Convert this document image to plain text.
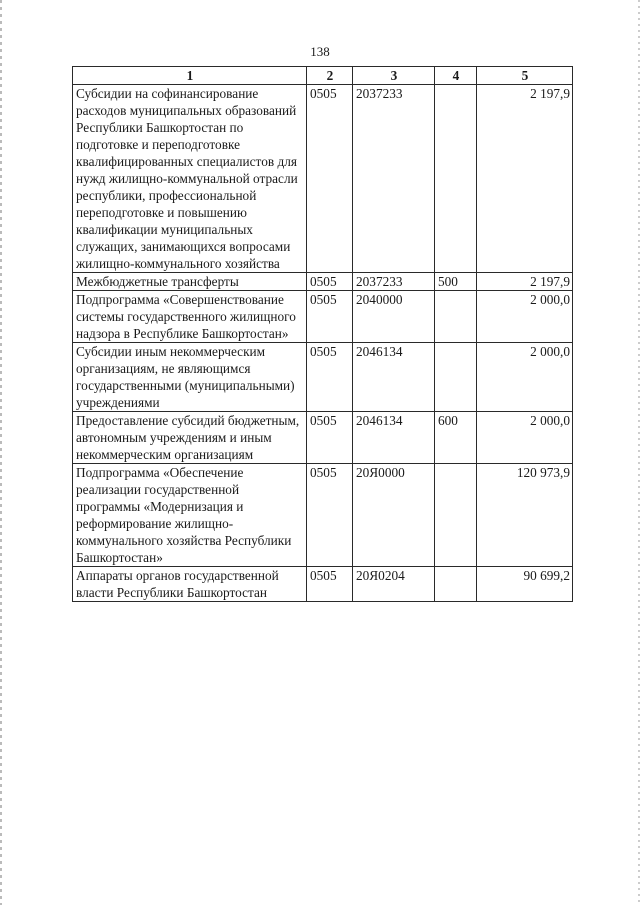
138
1	2	3	4	5
Субсидии на софинансирование расходов муниципальных образований Республики Башкортостан по подготовке и переподготовке квалифицированных специалистов для нужд жилищно-коммунальной отрасли республики, профессиональной переподготовке и повышению квалификации муниципальных служащих, занимающихся вопросами жилищно-коммунального хозяйства	0505	2037233		2 197,9
Межбюджетные трансферты	0505	2037233	500	2 197,9
Подпрограмма «Совершенствование системы государственного жилищного надзора в Республике Башкортостан»	0505	2040000		2 000,0
Субсидии иным некоммерческим организациям, не являющимся государственными (муниципальными) учреждениями	0505	2046134		2 000,0
Предоставление субсидий бюджетным, автономным учреждениям и иным некоммерческим организациям	0505	2046134	600	2 000,0
Подпрограмма «Обеспечение реализации государственной программы «Модернизация и реформирование жилищно-коммунального хозяйства Республики Башкортостан»	0505	20Я0000		120 973,9
Аппараты органов государственной власти Республики Башкортостан	0505	20Я0204		90 699,2
